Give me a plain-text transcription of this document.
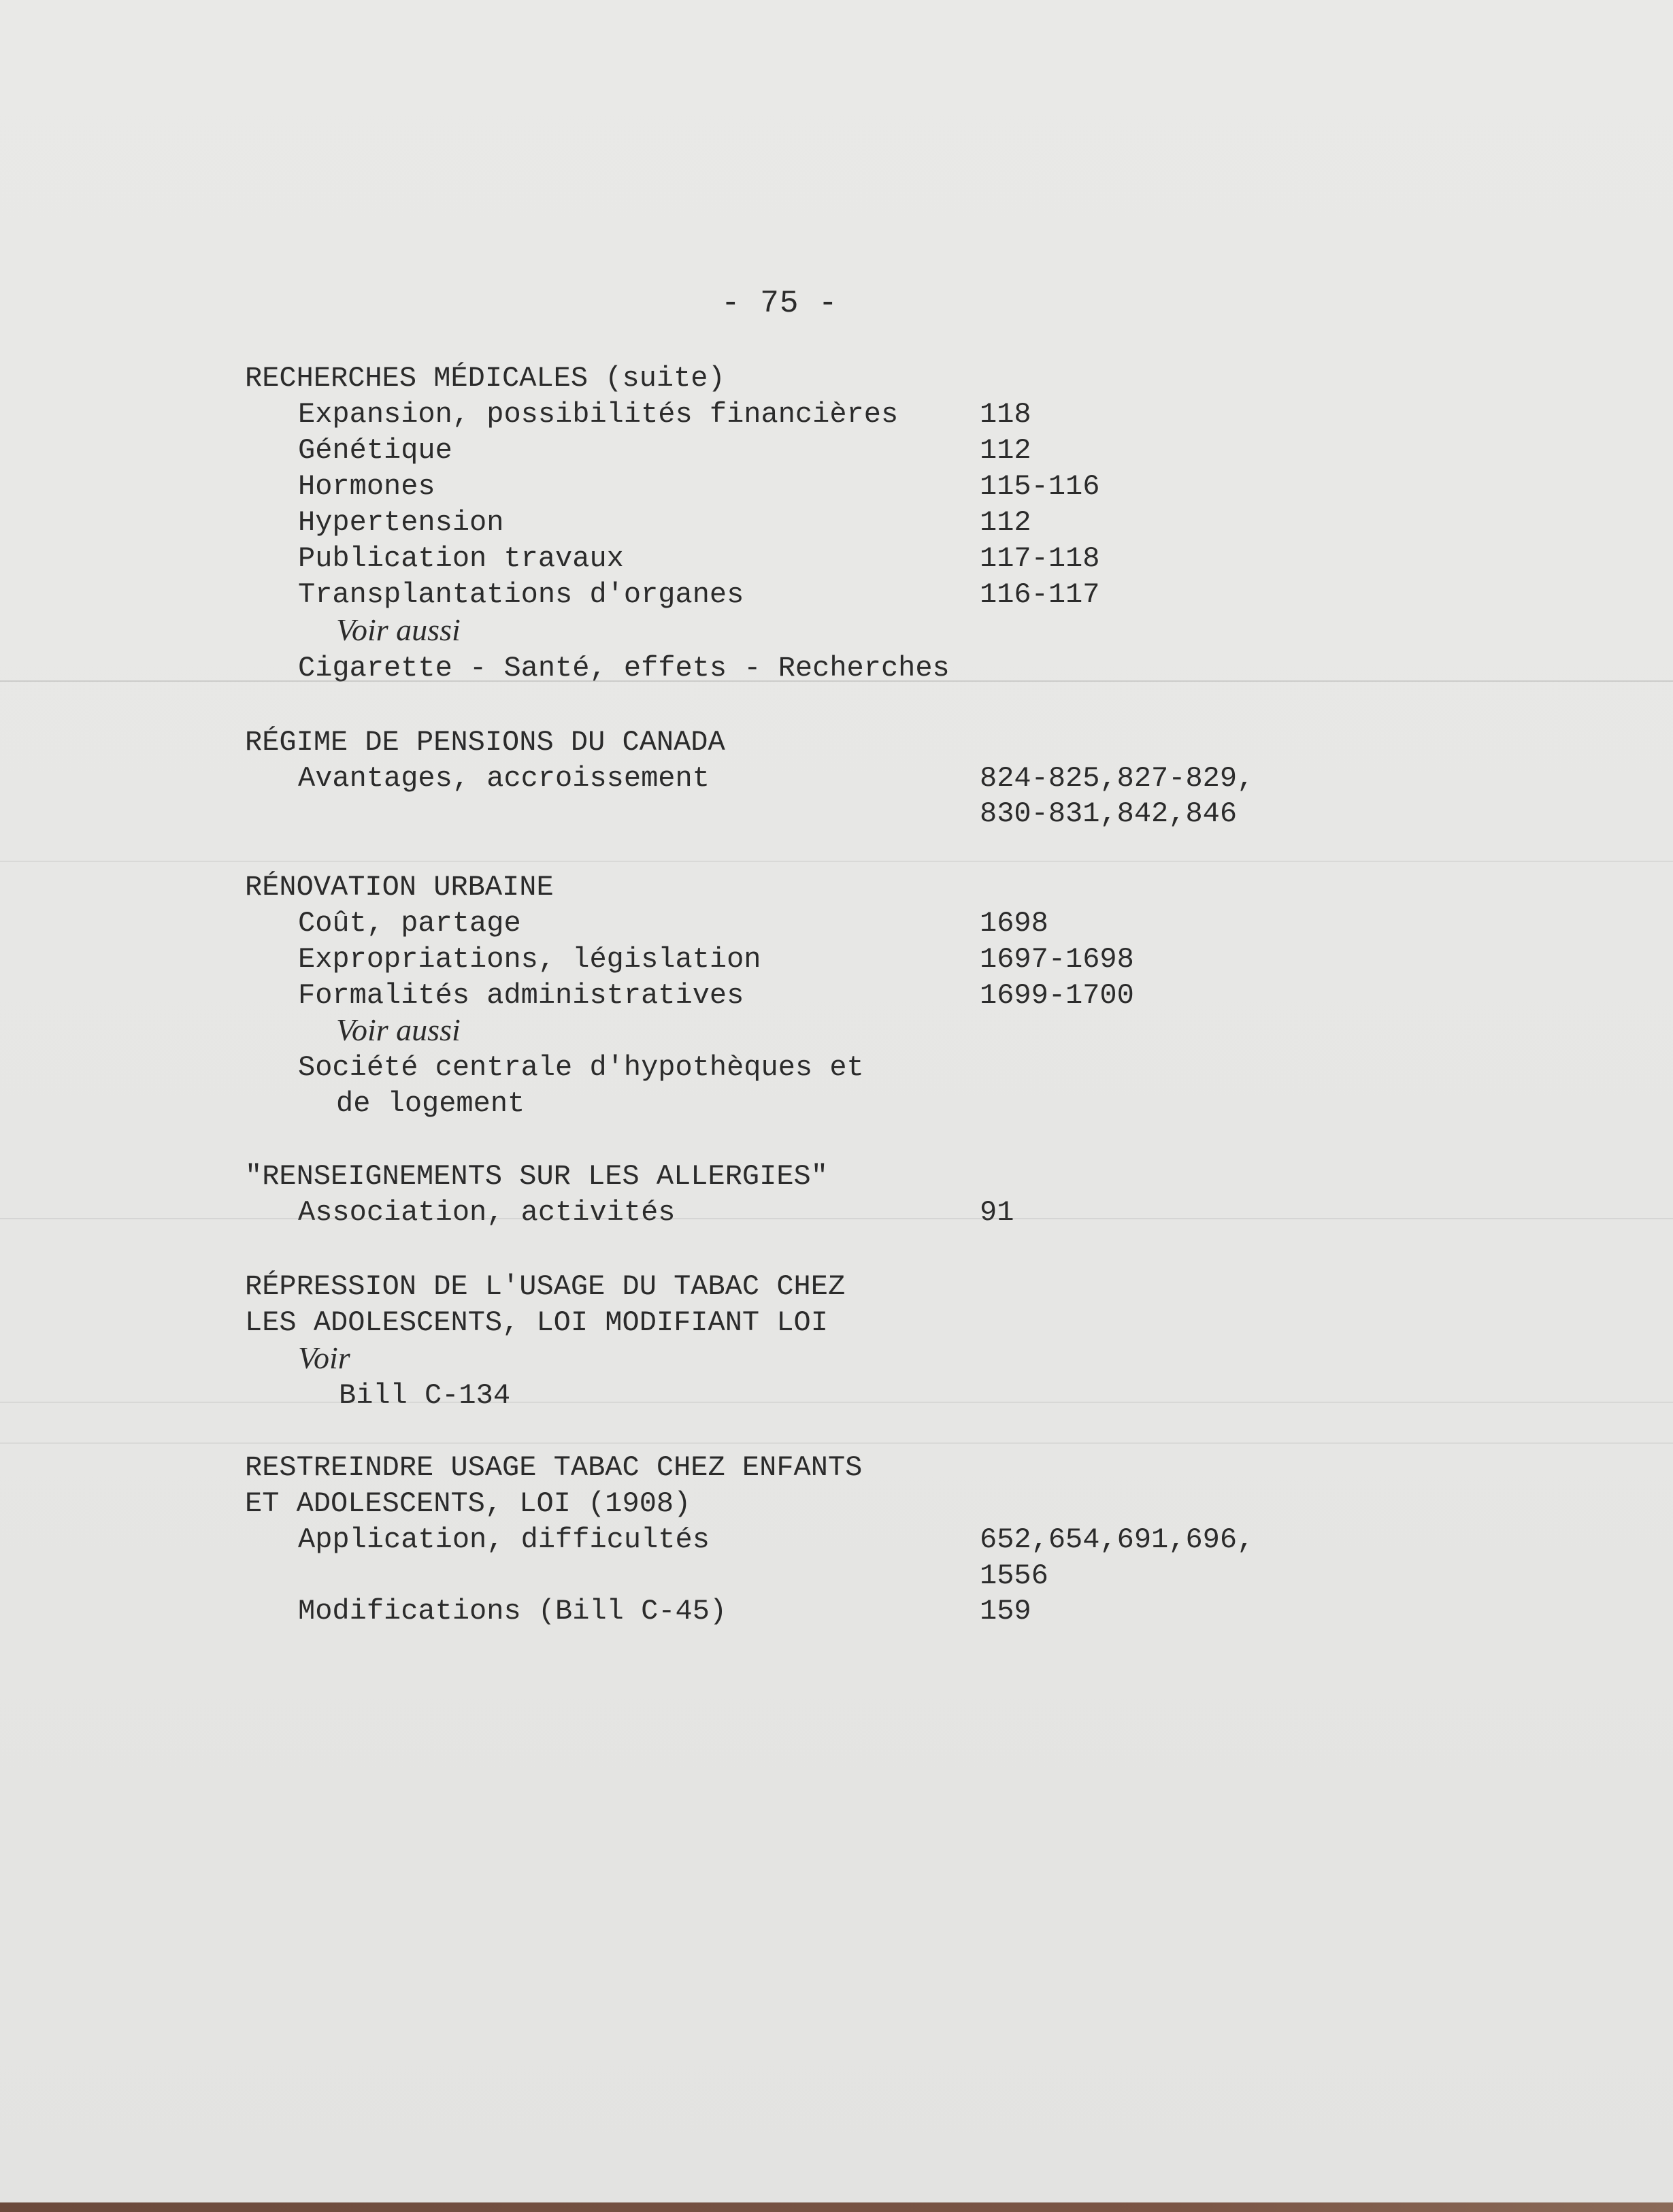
- 75 -
RECHERCHES MÉDICALES (suite)
Expansion, possibilités financières	118
Génétique	112
Hormones	115-116
Hypertension	112
Publication travaux	117-118
Transplantations d'organes	116-117
Voir aussi
Cigarette - Santé, effets - Recherches
RÉGIME DE PENSIONS DU CANADA
Avantages, accroissement	824-825,827-829,
830-831,842,846
RÉNOVATION URBAINE
Coût, partage	1698
Expropriations, législation	1697-1698
Formalités administratives	1699-1700
Voir aussi
Société centrale d'hypothèques et
de logement
"RENSEIGNEMENTS SUR LES ALLERGIES"
Association, activités	91
RÉPRESSION DE L'USAGE DU TABAC CHEZ
LES ADOLESCENTS, LOI MODIFIANT LOI
Voir
Bill C-134
RESTREINDRE USAGE TABAC CHEZ ENFANTS
ET ADOLESCENTS, LOI (1908)
Application, difficultés	652,654,691,696,
1556
Modifications (Bill C-45)	159
